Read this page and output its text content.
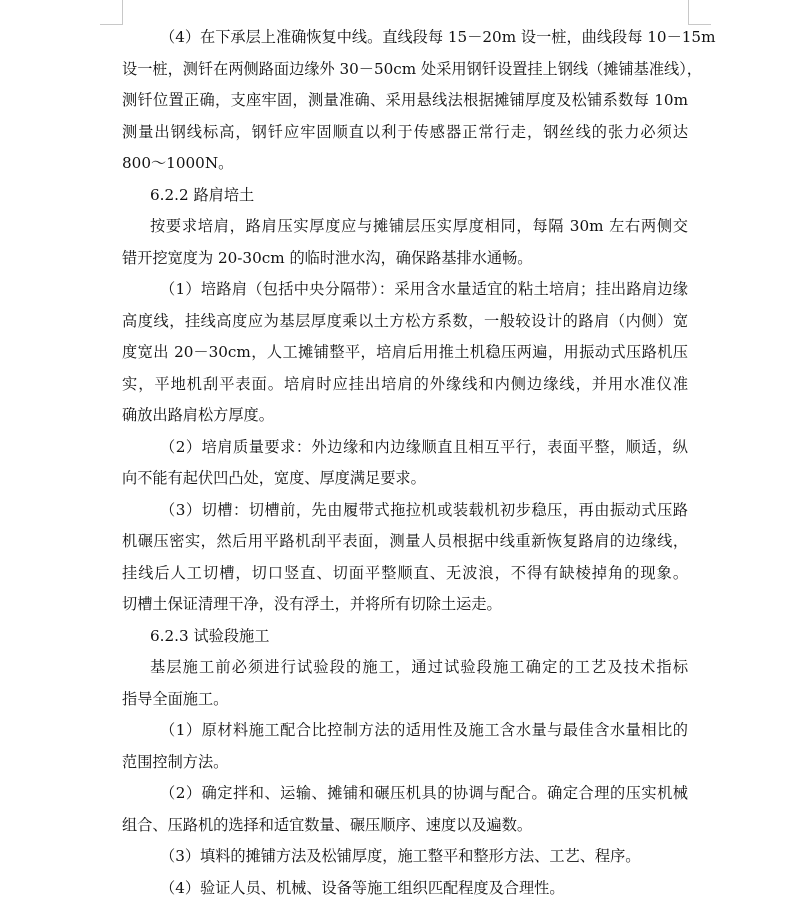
（4）在下承层上准确恢复中线。直线段每 15－20m 设一桩，曲线段每 10－15m
设一桩，测钎在两侧路面边缘外 30－50cm 处采用钢钎设置挂上钢线（摊铺基准线），
测钎位置正确，支座牢固，测量准确、采用悬线法根据摊铺厚度及松铺系数每 10m
测量出钢线标高，钢钎应牢固顺直以利于传感器正常行走，钢丝线的张力必须达
800～1000N。
6.2.2 路肩培土
按要求培肩，路肩压实厚度应与摊铺层压实厚度相同，每隔 30m 左右两侧交
错开挖宽度为 20-30cm 的临时泄水沟，确保路基排水通畅。
（1）培路肩（包括中央分隔带）：采用含水量适宜的粘土培肩；挂出路肩边缘
高度线，挂线高度应为基层厚度乘以土方松方系数，一般较设计的路肩（内侧）宽
度宽出 20－30cm，人工摊铺整平，培肩后用推土机稳压两遍，用振动式压路机压
实，平地机刮平表面。培肩时应挂出培肩的外缘线和内侧边缘线，并用水准仪准
确放出路肩松方厚度。
（2）培肩质量要求：外边缘和内边缘顺直且相互平行，表面平整，顺适，纵
向不能有起伏凹凸处，宽度、厚度满足要求。
（3）切槽：切槽前，先由履带式拖拉机或装载机初步稳压，再由振动式压路
机碾压密实，然后用平路机刮平表面，测量人员根据中线重新恢复路肩的边缘线，
挂线后人工切槽，切口竖直、切面平整顺直、无波浪，不得有缺棱掉角的现象。
切槽土保证清理干净，没有浮土，并将所有切除土运走。
6.2.3 试验段施工
基层施工前必须进行试验段的施工，通过试验段施工确定的工艺及技术指标
指导全面施工。
（1）原材料施工配合比控制方法的适用性及施工含水量与最佳含水量相比的
范围控制方法。
（2）确定拌和、运输、摊铺和碾压机具的协调与配合。确定合理的压实机械
组合、压路机的选择和适宜数量、碾压顺序、速度以及遍数。
（3）填料的摊铺方法及松铺厚度，施工整平和整形方法、工艺、程序。
（4）验证人员、机械、设备等施工组织匹配程度及合理性。
